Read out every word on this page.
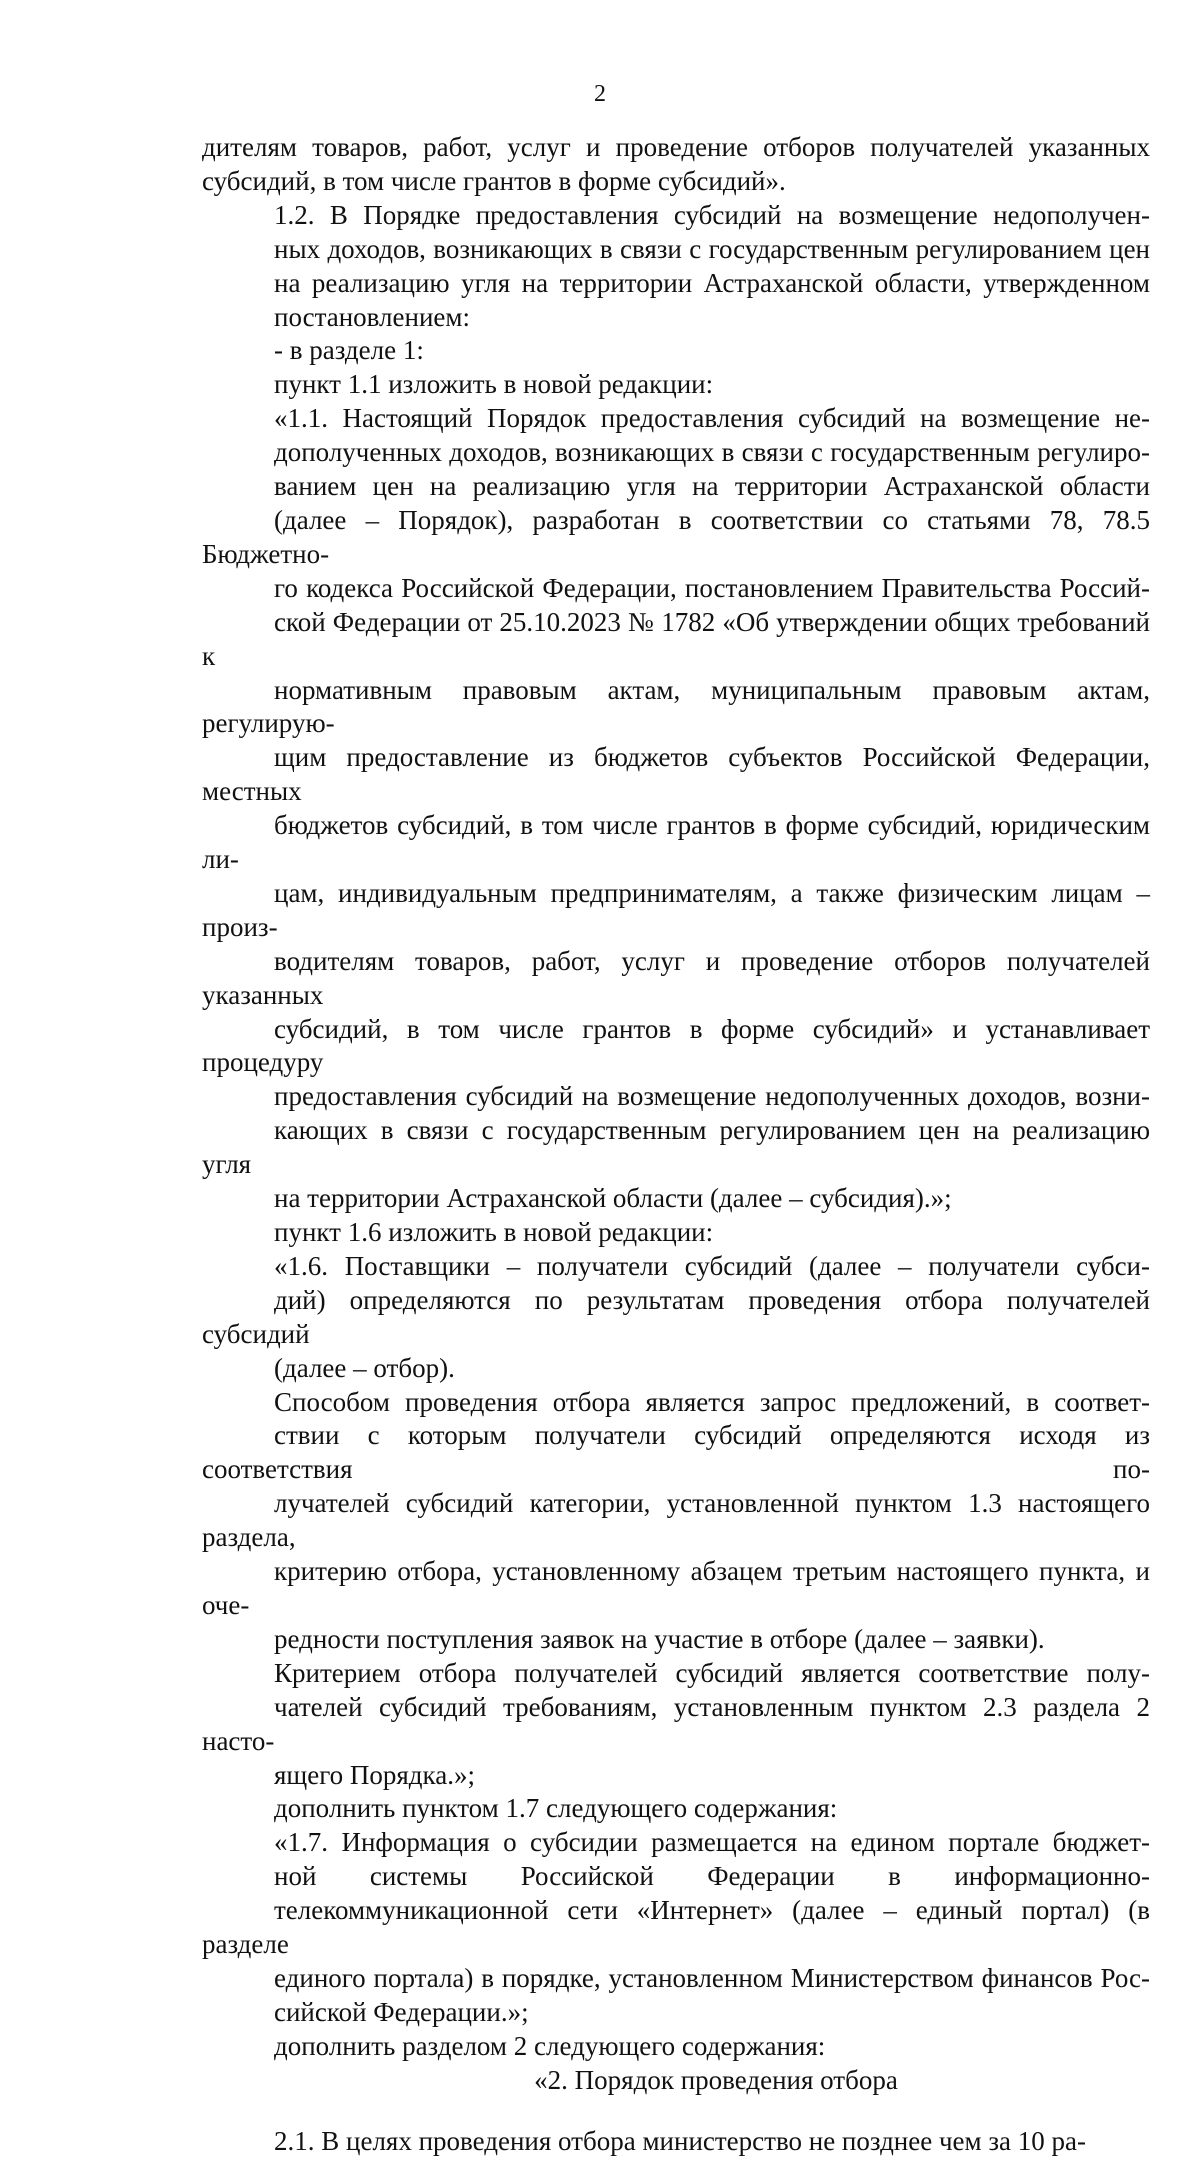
2

дителям товаров, работ, услуг и проведение отборов получателей указанных
субсидий, в том числе грантов в форме субсидий».

1.2. В Порядке предоставления субсидий на возмещение недополучен-
ных доходов, возникающих в связи с государственным регулированием цен
на реализацию угля на территории Астраханской области, утвержденном
постановлением:

- в разделе 1:

пункт 1.1 изложить в новой редакции:

«1.1. Настоящий Порядок предоставления субсидий на возмещение не-
дополученных доходов, возникающих в связи с государственным регулиро-
ванием цен на реализацию угля на территории Астраханской области
(далее – Порядок), разработан в соответствии со статьями 78, 78.5 Бюджетно-
го кодекса Российской Федерации, постановлением Правительства Россий-
ской Федерации от 25.10.2023 № 1782 «Об утверждении общих требований к
нормативным правовым актам, муниципальным правовым актам, регулирую-
щим предоставление из бюджетов субъектов Российской Федерации, местных
бюджетов субсидий, в том числе грантов в форме субсидий, юридическим ли-
цам, индивидуальным предпринимателям, а также физическим лицам – произ-
водителям товаров, работ, услуг и проведение отборов получателей указанных
субсидий, в том числе грантов в форме субсидий» и устанавливает процедуру
предоставления субсидий на возмещение недополученных доходов, возни-
кающих в связи с государственным регулированием цен на реализацию угля
на территории Астраханской области (далее – субсидия).»;

пункт 1.6 изложить в новой редакции:

«1.6. Поставщики – получатели субсидий (далее – получатели субси-
дий) определяются по результатам проведения отбора получателей субсидий
(далее – отбор).

Способом проведения отбора является запрос предложений, в соответ-
ствии с которым получатели субсидий определяются исходя из соответствия по-
лучателей субсидий категории, установленной пунктом 1.3 настоящего раздела,
критерию отбора, установленному абзацем третьим настоящего пункта, и оче-
редности поступления заявок на участие в отборе (далее – заявки).

Критерием отбора получателей субсидий является соответствие полу-
чателей субсидий требованиям, установленным пунктом 2.3 раздела 2 насто-
ящего Порядка.»;

дополнить пунктом 1.7 следующего содержания:

«1.7. Информация о субсидии размещается на едином портале бюджет-
ной системы Российской Федерации в информационно-
телекоммуникационной сети «Интернет» (далее – единый портал) (в разделе
единого портала) в порядке, установленном Министерством финансов Рос-
сийской Федерации.»;

дополнить разделом 2 следующего содержания:

«2. Порядок проведения отбора

2.1. В целях проведения отбора министерство не позднее чем за 10 ра-
